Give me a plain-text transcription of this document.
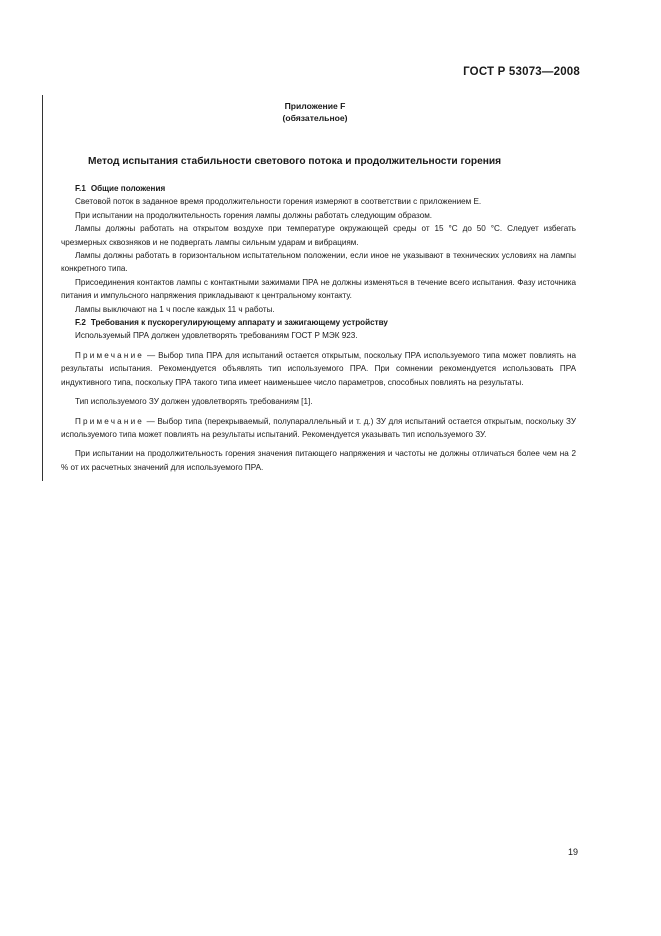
ГОСТ Р 53073—2008
Приложение F
(обязательное)
Метод испытания стабильности светового потока и продолжительности горения

F.1 Общие положения

Световой поток в заданное время продолжительности горения измеряют в соответствии с приложением E.

При испытании на продолжительность горения лампы должны работать следующим образом.

Лампы должны работать на открытом воздухе при температуре окружающей среды от 15 °C до 50 °C. Следует избегать чрезмерных сквозняков и не подвергать лампы сильным ударам и вибрациям.

Лампы должны работать в горизонтальном испытательном положении, если иное не указывают в технических условиях на лампы конкретного типа.

Присоединения контактов лампы с контактными зажимами ПРА не должны изменяться в течение всего испытания. Фазу источника питания и импульсного напряжения прикладывают к центральному контакту.

Лампы выключают на 1 ч после каждых 11 ч работы.

F.2 Требования к пускорегулирующему аппарату и зажигающему устройству

Используемый ПРА должен удовлетворять требованиям ГОСТ Р МЭК 923.

Примечание — Выбор типа ПРА для испытаний остается открытым, поскольку ПРА используемого типа может повлиять на результаты испытания. Рекомендуется объявлять тип используемого ПРА. При сомнении рекомендуется использовать ПРА индуктивного типа, поскольку ПРА такого типа имеет наименьшее число параметров, способных повлиять на результаты.

Тип используемого ЗУ должен удовлетворять требованиям [1].

Примечание — Выбор типа (перекрываемый, полупараллельный и т. д.) ЗУ для испытаний остается открытым, поскольку ЗУ используемого типа может повлиять на результаты испытаний. Рекомендуется указывать тип используемого ЗУ.

При испытании на продолжительность горения значения питающего напряжения и частоты не должны отличаться более чем на 2 % от их расчетных значений для используемого ПРА.

19
